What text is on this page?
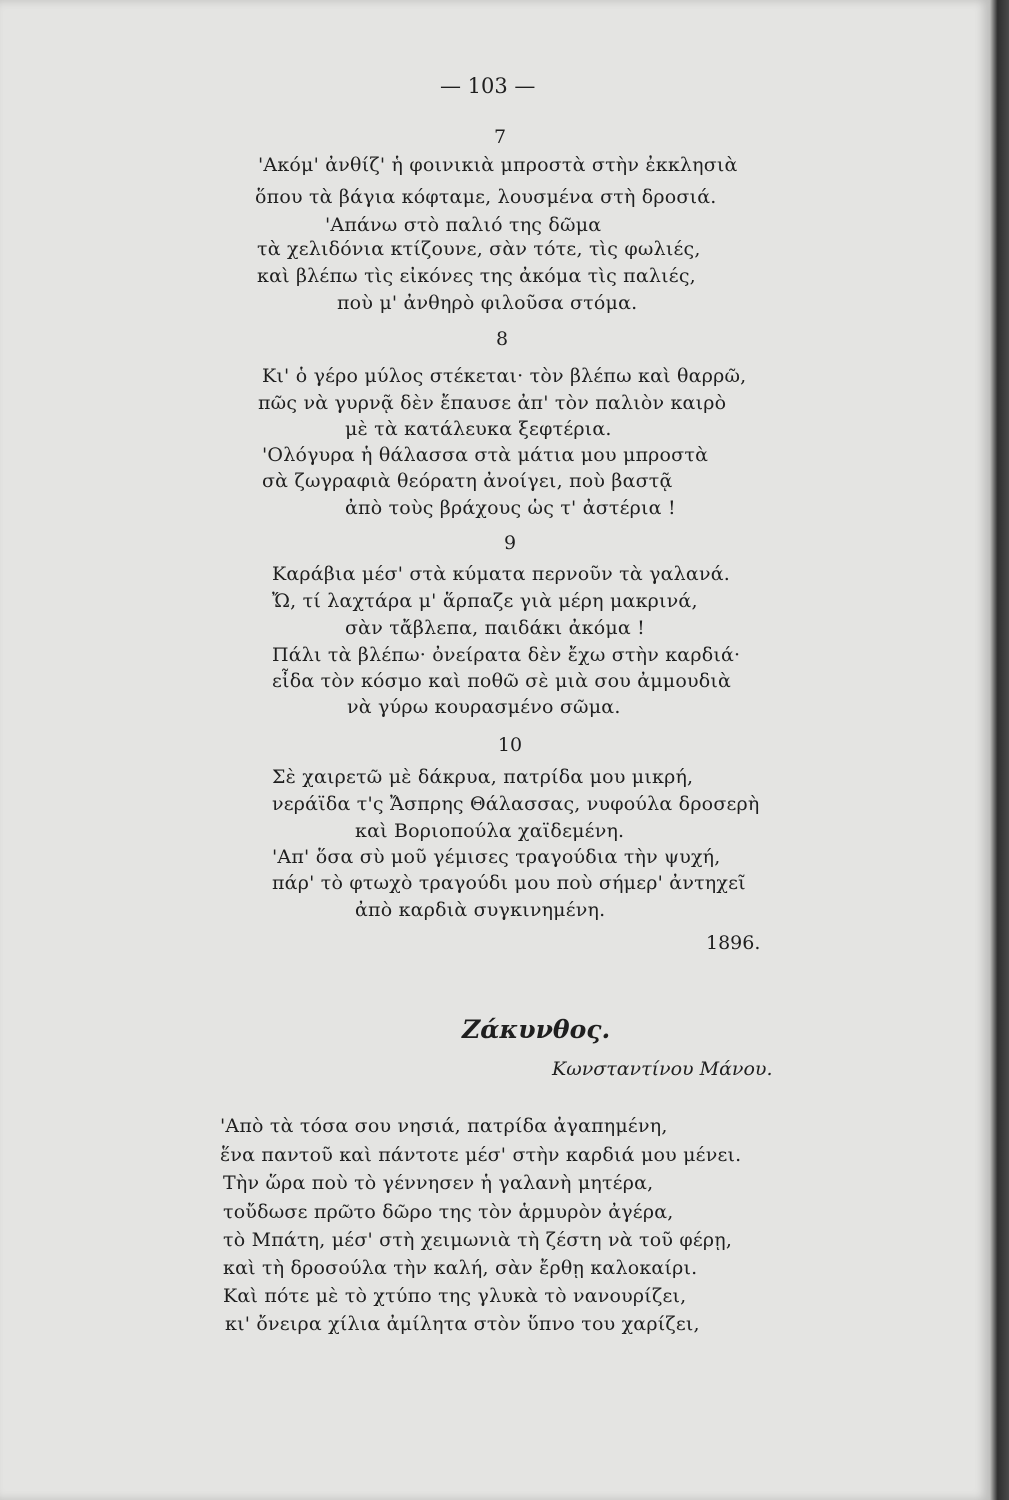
— 103 —
7
'Ακόμ' ἀνθίζ' ἡ φοινικιὰ μπροστὰ στὴν ἐκκλησιὰ
ὅπου τὰ βάγια κόφταμε, λουσμένα στὴ δροσιά.
'Απάνω στὸ παλιό της δῶμα
τὰ χελιδόνια κτίζουνε, σὰν τότε, τὶς φωλιές,
καὶ βλέπω τὶς εἰκόνες της ἀκόμα τὶς παλιές,
ποὺ μ' ἀνθηρὸ φιλοῦσα στόμα.
8
Κι' ὁ γέρο μύλος στέκεται· τὸν βλέπω καὶ θαρρῶ,
πῶς νὰ γυρνᾷ δὲν ἔπαυσε ἀπ' τὸν παλιὸν καιρὸ
μὲ τὰ κατάλευκα ξεφτέρια.
'Ολόγυρα ἡ θάλασσα στὰ μάτια μου μπροστὰ
σὰ ζωγραφιὰ θεόρατη ἀνοίγει, ποὺ βαστᾷ
ἀπὸ τοὺς βράχους ὡς τ' ἀστέρια !
9
Καράβια μέσ' στὰ κύματα περνοῦν τὰ γαλανά.
Ὤ, τί λαχτάρα μ' ἅρπαζε γιὰ μέρη μακρινά,
σὰν τἄβλεπα, παιδάκι ἀκόμα !
Πάλι τὰ βλέπω· ὀνείρατα δὲν ἔχω στὴν καρδιά·
εἶδα τὸν κόσμο καὶ ποθῶ σὲ μιὰ σου ἀμμουδιὰ
νὰ γύρω κουρασμένο σῶμα.
10
Σὲ χαιρετῶ μὲ δάκρυα, πατρίδα μου μικρή,
νεράϊδα τ'ς Ἄσπρης Θάλασσας, νυφούλα δροσερὴ
καὶ Βοριοπούλα χαϊδεμένη.
'Απ' ὅσα σὺ μοῦ γέμισες τραγούδια τὴν ψυχή,
πάρ' τὸ φτωχὸ τραγούδι μου ποὺ σήμερ' ἀντηχεῖ
ἀπὸ καρδιὰ συγκινημένη.
1896.
Ζάκυνθος.
Κωνσταντίνου Μάνου.
'Απὸ τὰ τόσα σου νησιά, πατρίδα ἀγαπημένη,
ἕνα παντοῦ καὶ πάντοτε μέσ' στὴν καρδιά μου μένει.
Τὴν ὥρα ποὺ τὸ γέννησεν ἡ γαλανὴ μητέρα,
τοὔδωσε πρῶτο δῶρο της τὸν ἁρμυρὸν ἀγέρα,
τὸ Μπάτη, μέσ' στὴ χειμωνιὰ τὴ ζέστη νὰ τοῦ φέρῃ,
καὶ τὴ δροσούλα τὴν καλή, σὰν ἔρθῃ καλοκαίρι.
Καὶ πότε μὲ τὸ χτύπο της γλυκὰ τὸ νανουρίζει,
κι' ὄνειρα χίλια ἀμίλητα στὸν ὕπνο του χαρίζει,
